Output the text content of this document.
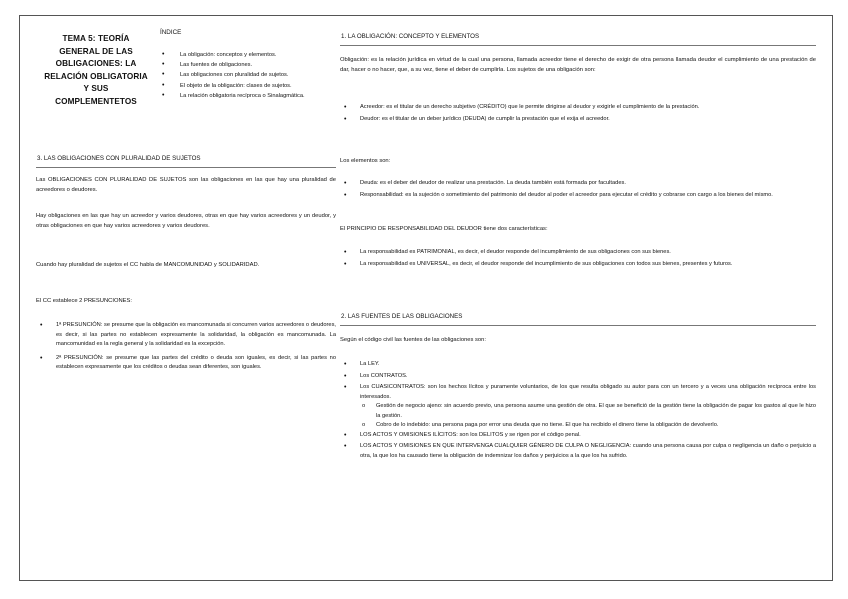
TEMA 5: TEORÍA GENERAL DE LAS OBLIGACIONES: LA RELACIÓN OBLIGATORIA Y SUS COMPLEMENTETOS
ÍNDICE
• La obligación: conceptos y elementos.
• Las fuentes de obligaciones.
• Las obligaciones con pluralidad de sujetos.
• El objeto de la obligación: clases de sujetos.
• La relación obligatoria recíproca o Sinalagmática.
3. LAS OBLIGACIONES CON PLURALIDAD DE SUJETOS

Las OBLIGACIONES CON PLURALIDAD DE SUJETOS son las obligaciones en las que hay una pluralidad de acreedores o deudores.

Hay obligaciones en las que hay un acreedor y varios deudores, otras en que hay varios acreedores y un deudor, y otras obligaciones en que hay varios acreedores y varios deudores.

Cuando hay pluralidad de sujetos el CC habla de MANCOMUNIDAD y SOLIDARIDAD.

El CC establece 2 PRESUNCIONES:

• 1ª PRESUNCIÓN: se presume que la obligación es mancomunada si concurren varios acreedores o deudores, es decir, si las partes no establecen expresamente la solidaridad, la obligación es mancomunada. La mancomunidad es la regla general y la solidaridad es la excepción.
• 2ª PRESUNCIÓN: se presume que las partes del crédito o deuda son iguales, es decir, si las partes no establecen expresamente que los créditos o deudas sean diferentes, son iguales.
1. LA OBLIGACIÓN: CONCEPTO Y ELEMENTOS

Obligación: es la relación jurídica en virtud de la cual una persona, llamada acreedor tiene el derecho de exigir de otra persona llamada deudor el cumplimiento de una prestación de dar, hacer o no hacer, que, a su vez, tiene el deber de cumplirla. Los sujetos de una obligación son:

• Acreedor: es el titular de un derecho subjetivo (CRÉDITO) que le permite dirigirse al deudor y exigirle el cumplimiento de la prestación.
• Deudor: es el titular de un deber jurídico (DEUDA) de cumplir la prestación que el exija el acreedor.

Los elementos son:

• Deuda: es el deber del deudor de realizar una prestación. La deuda también está formada por facultades.
• Responsabilidad: es la sujeción o sometimiento del patrimonio del deudor al poder el acreedor para ejecutar el crédito y cobrarse con cargo a los bienes del mismo.

El PRINCIPIO DE RESPONSABILIDAD DEL DEUDOR tiene dos características:

• La responsabilidad es PATRIMONIAL, es decir, el deudor responde del incumplimiento de sus obligaciones con sus bienes.
• La responsabilidad es UNIVERSAL, es decir, el deudor responde del incumplimiento de sus obligaciones con todos sus bienes, presentes y futuros.
2. LAS FUENTES DE LAS OBLIGACIONES

Según el código civil las fuentes de las obligaciones son:

• La LEY.
• Los CONTRATOS.
• Los CUASICONTRATOS: son los hechos lícitos y puramente voluntarios, de los que resulta obligado su autor para con un tercero y a veces una obligación recíproca entre los interesados.
o Gestión de negocio ajeno: sin acuerdo previo, una persona asume una gestión de otra. El que se benefició de la gestión tiene la obligación de pagar los gastos al que le hizo la gestión.
o Cobro de lo indebido: una persona paga por error una deuda que no tiene. El que ha recibido el dinero tiene la obligación de devolverlo.
• LOS ACTOS Y OMISIONES ILÍCITOS: son los DELITOS y se rigen por el código penal.
• LOS ACTOS Y OMISIONES EN QUE INTERVENGA CUALQUIER GÉNERO DE CULPA O NEGLIGENCIA: cuando una persona causa por culpa o negligencia un daño o perjuicio a otra, la que los ha causado tiene la obligación de indemnizar los daños y perjuicios a la que los ha sufrido.
